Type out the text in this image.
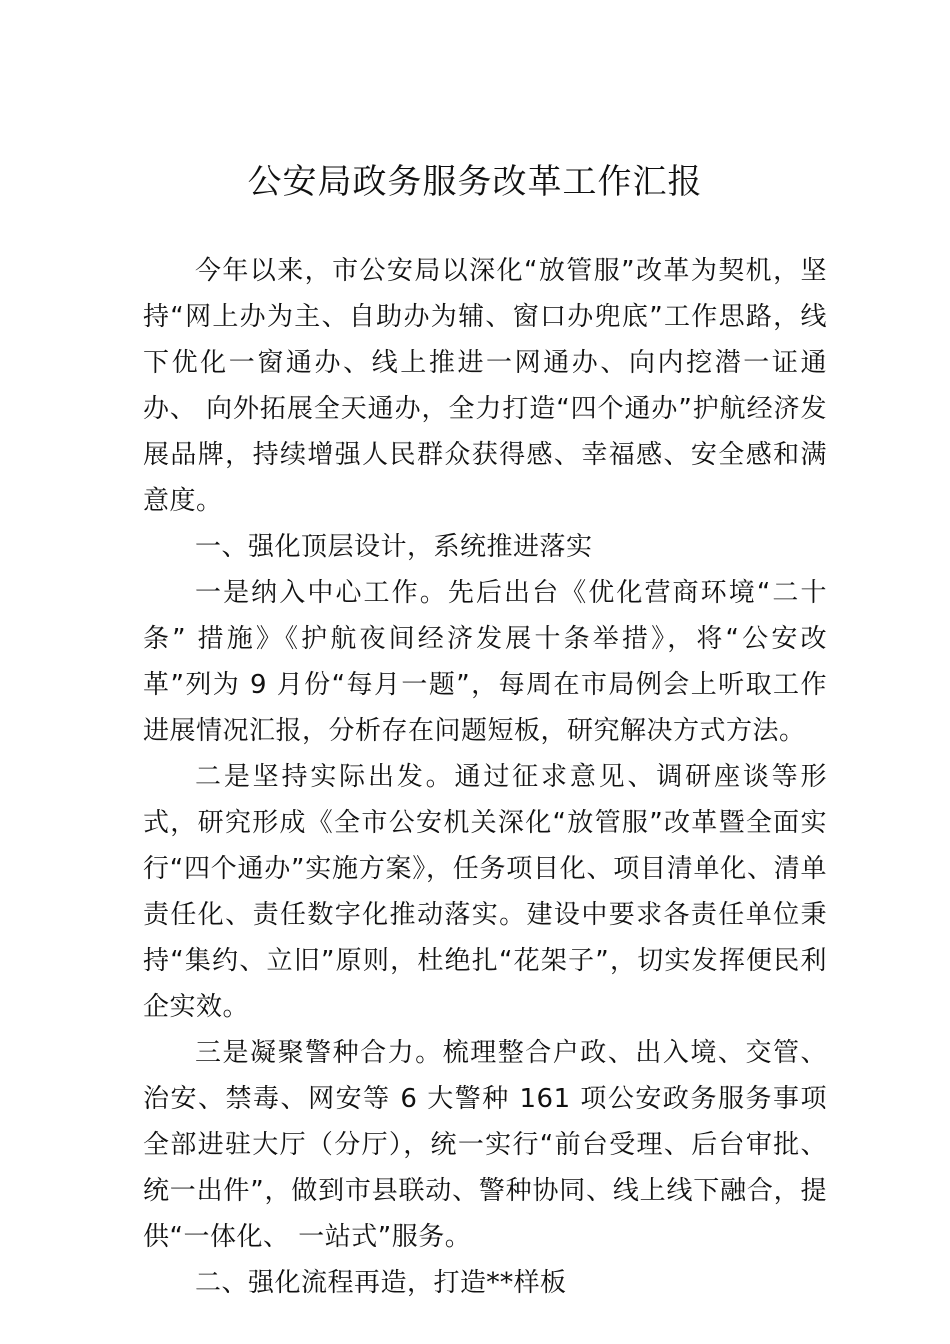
公安局政务服务改革工作汇报

今年以来，市公安局以深化“放管服”改革为契机，坚持“网上办为主、自助办为辅、窗口办兜底”工作思路，线下优化一窗通办、线上推进一网通办、向内挖潜一证通办、 向外拓展全天通办，全力打造“四个通办”护航经济发展品牌，持续增强人民群众获得感、幸福感、安全感和满意度。

一、强化顶层设计，系统推进落实

一是纳入中心工作。先后出台《优化营商环境“二十条” 措施》《护航夜间经济发展十条举措》，将“公安改革”列为 9 月份“每月一题”，每周在市局例会上听取工作进展情况汇报，分析存在问题短板，研究解决方式方法。

二是坚持实际出发。通过征求意见、调研座谈等形式，研究形成《全市公安机关深化“放管服”改革暨全面实行“四个通办”实施方案》，任务项目化、项目清单化、清单责任化、责任数字化推动落实。建设中要求各责任单位秉持“集约、立旧”原则，杜绝扎“花架子”，切实发挥便民利企实效。

三是凝聚警种合力。梳理整合户政、出入境、交管、治安、禁毒、网安等 6 大警种 161 项公安政务服务事项全部进驻大厅（分厅），统一实行“前台受理、后台审批、统一出件”，做到市县联动、警种协同、线上线下融合，提供“一体化、 一站式”服务。

二、强化流程再造，打造**样板
